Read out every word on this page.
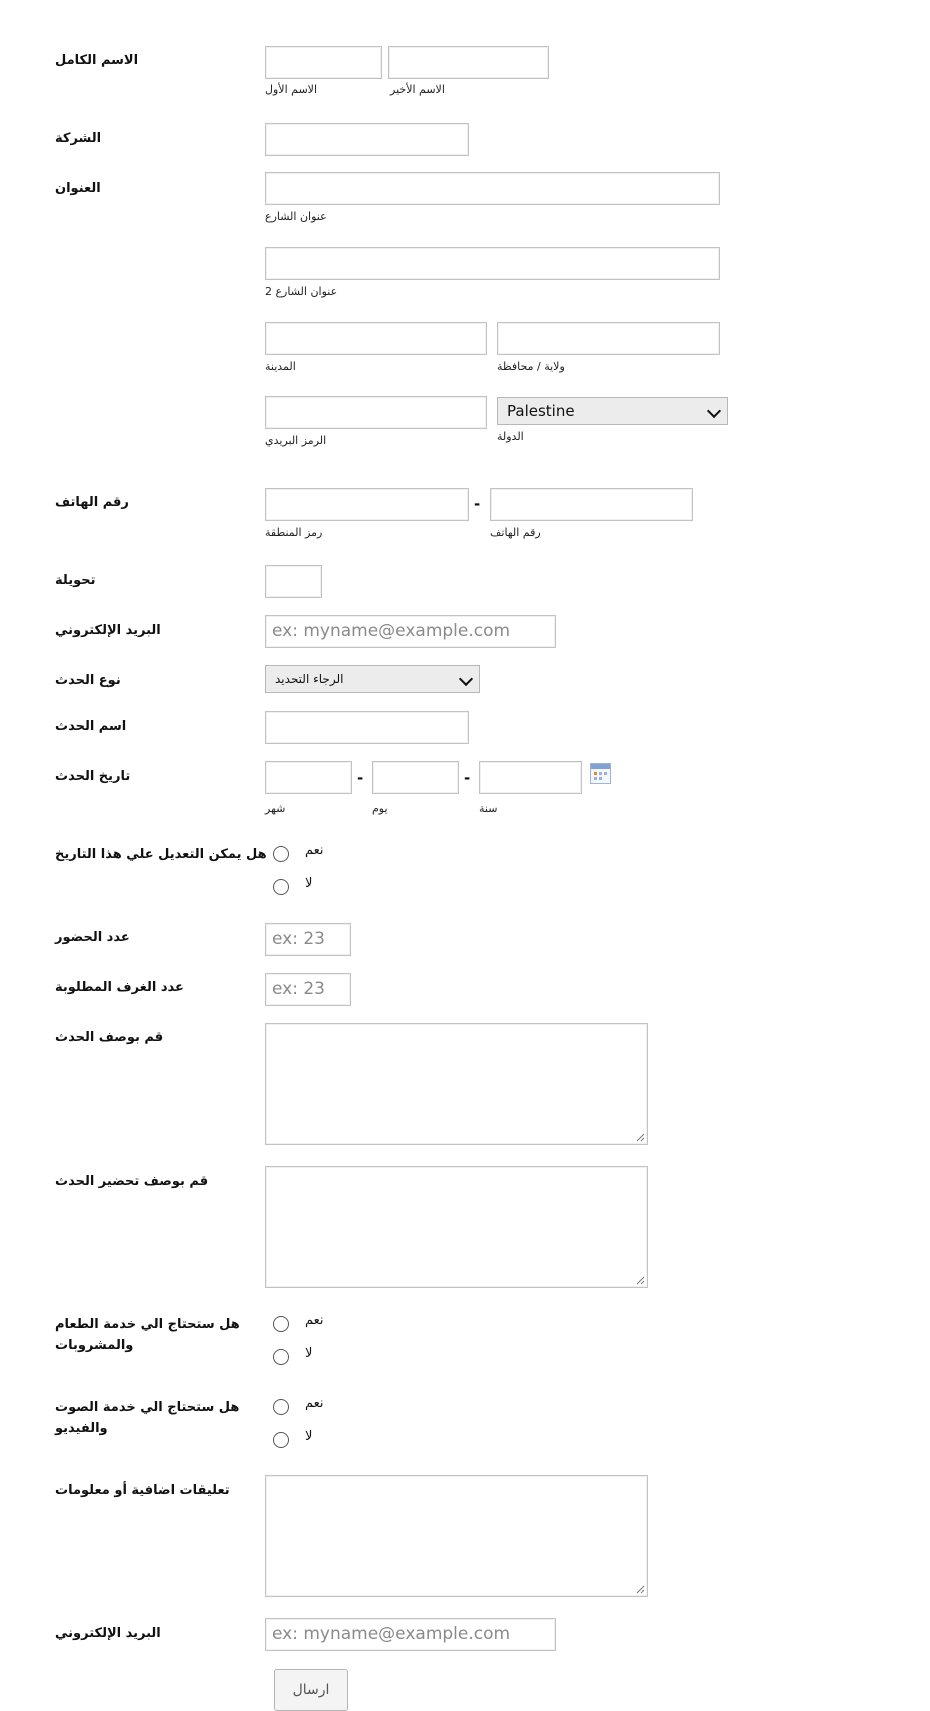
الاسم الكامل
الاسم الأول	الاسم الأخير
الشركة
العنوان
عنوان الشارع
عنوان الشارع 2
المدينة	ولاية / محافظة
Palestine
الرمز البريدي	الدولة
رقم الهاتف	-
رمز المنطقة	رقم الهاتف
تحويلة
البريد الإلكتروني	ex: myname@example.com
نوع الحدث	الرجاء التحديد
اسم الحدث
تاريخ الحدث	-	-
شهر	يوم	سنة
هل يمكن التعديل علي هذا التاريخ	نعم
لا
عدد الحضور	ex: 23
عدد الغرف المطلوبة	ex: 23
قم بوصف الحدث
قم بوصف تحضير الحدث
هل ستحتاج الي خدمة الطعام والمشروبات
نعم
لا
هل ستحتاج الي خدمة الصوت والفيديو
نعم
لا
تعليقات اضافية أو معلومات
البريد الإلكتروني	ex: myname@example.com
ارسال
